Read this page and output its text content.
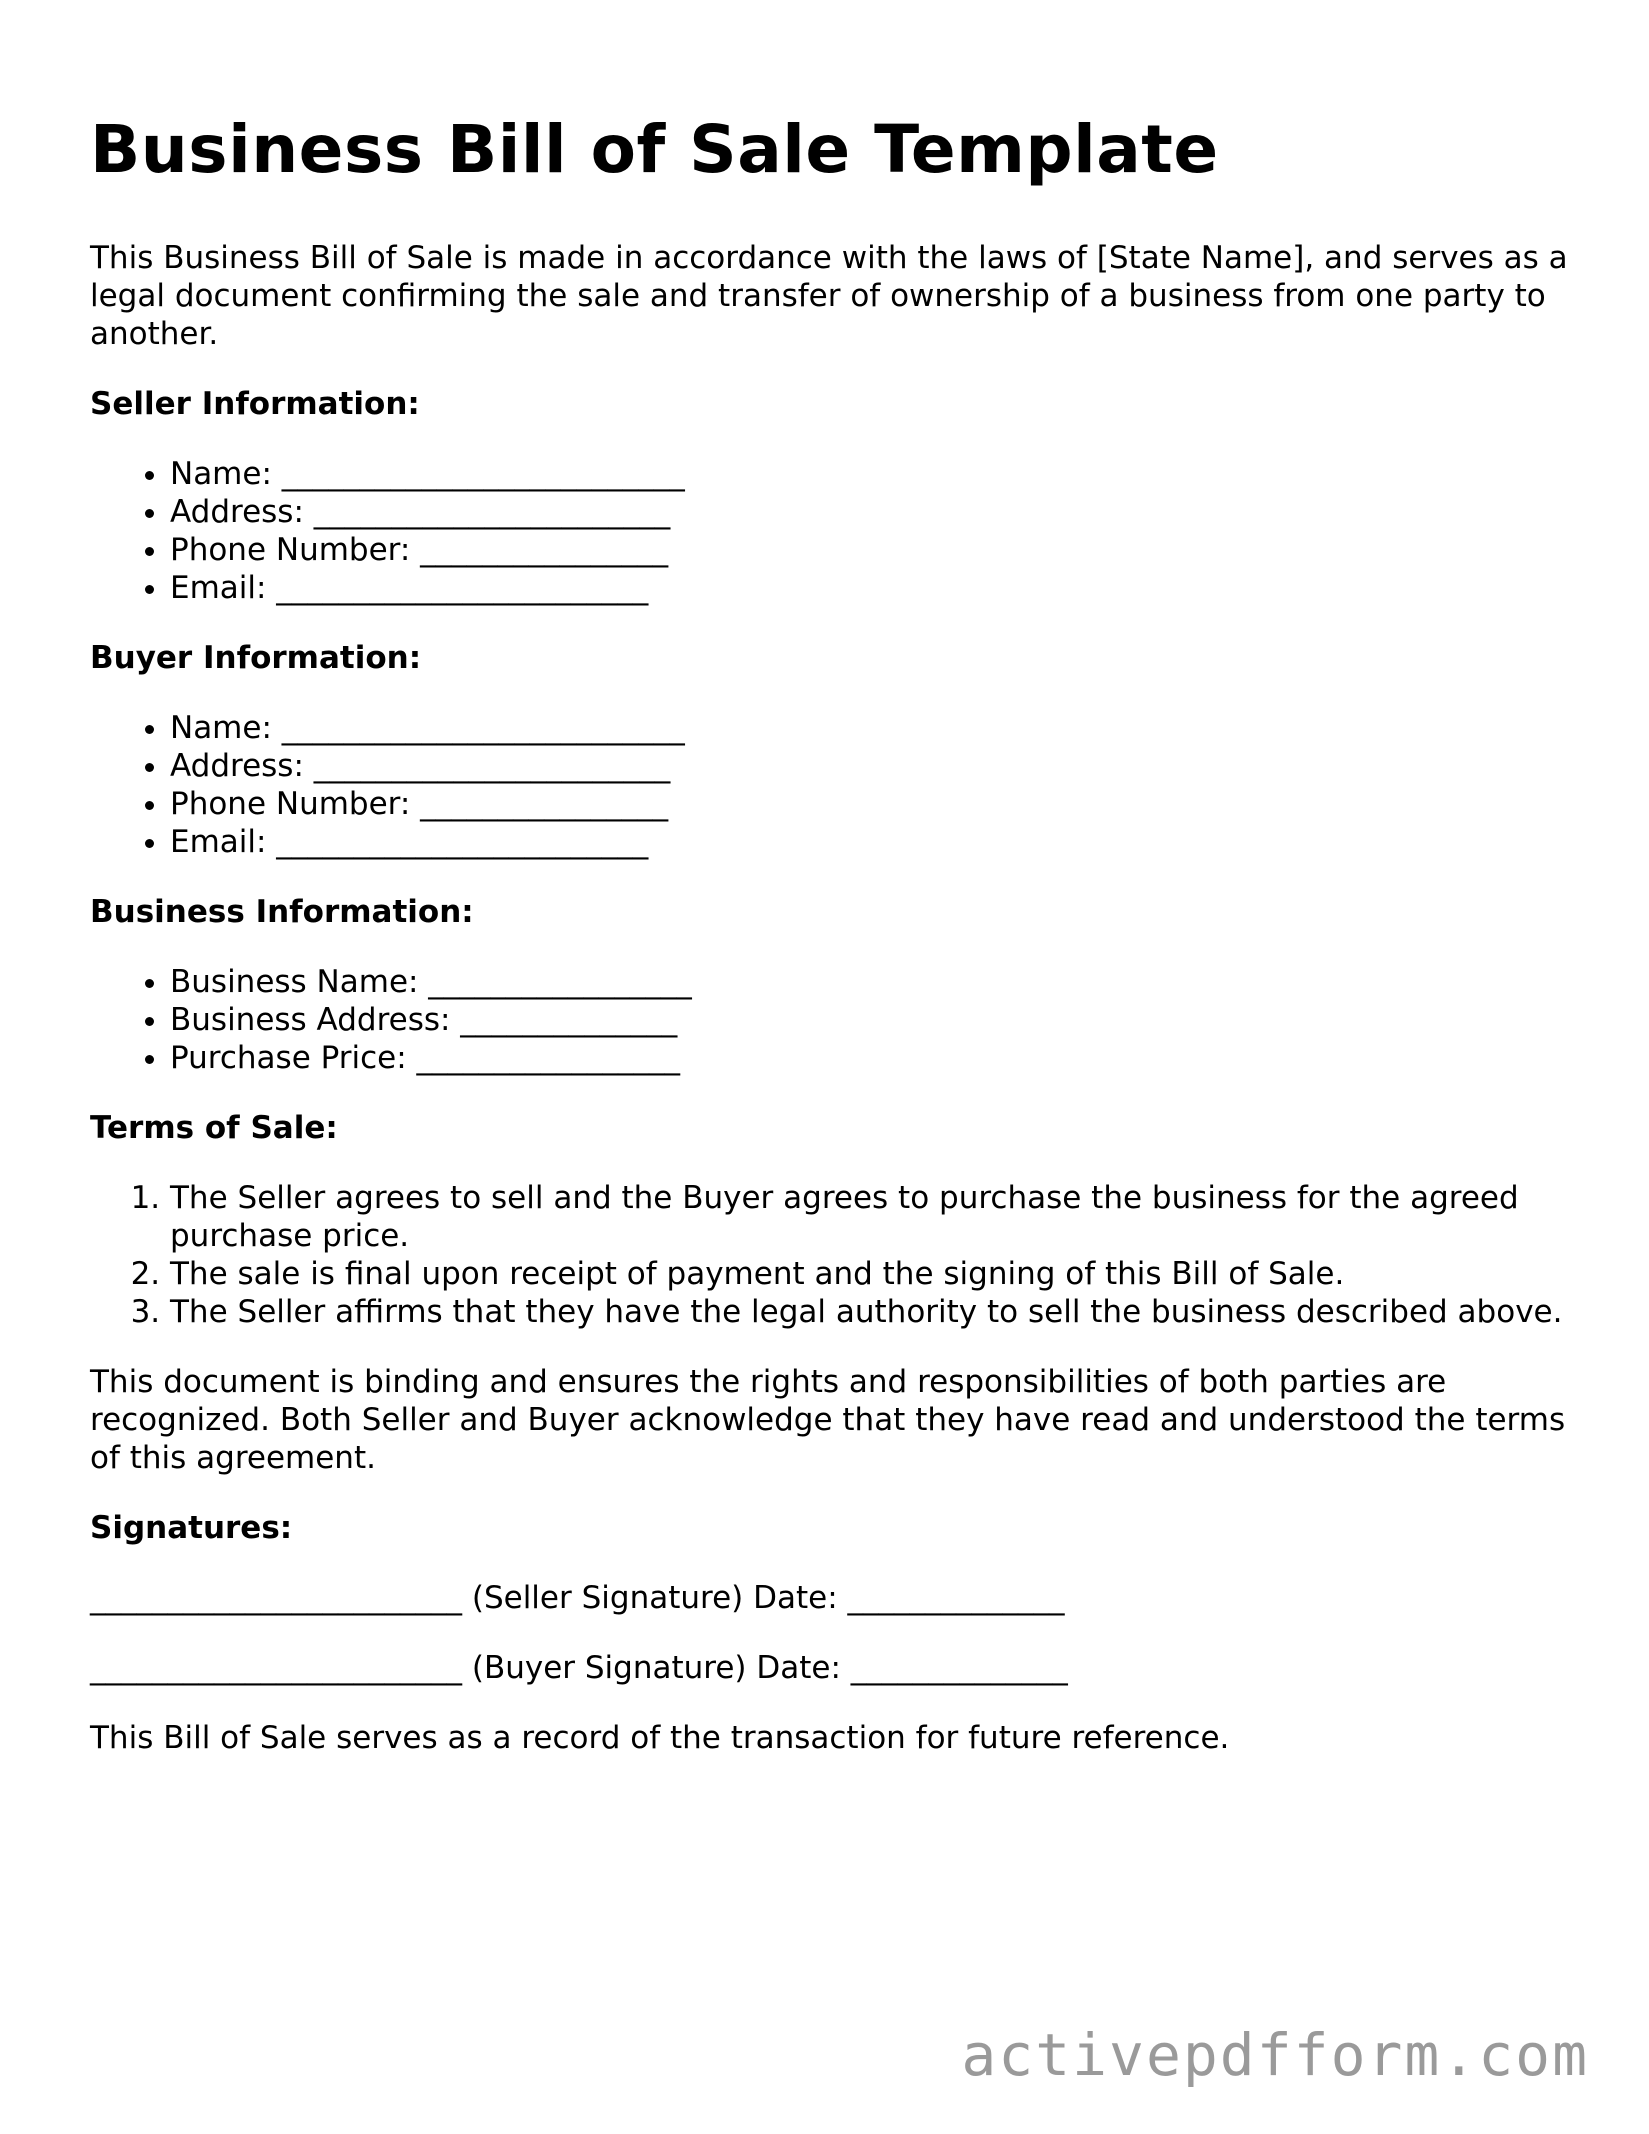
Business Bill of Sale Template

This Business Bill of Sale is made in accordance with the laws of [State Name], and serves as a legal document confirming the sale and transfer of ownership of a business from one party to another.

Seller Information:
• Name: __________________________
• Address: _______________________
• Phone Number: ________________
• Email: ________________________
Buyer Information:
• Name: __________________________
• Address: _______________________
• Phone Number: ________________
• Email: ________________________
Business Information:
• Business Name: _________________
• Business Address: ______________
• Purchase Price: _________________
Terms of Sale:
1. The Seller agrees to sell and the Buyer agrees to purchase the business for the agreed purchase price.
2. The sale is final upon receipt of payment and the signing of this Bill of Sale.
3. The Seller affirms that they have the legal authority to sell the business described above.

This document is binding and ensures the rights and responsibilities of both parties are recognized. Both Seller and Buyer acknowledge that they have read and understood the terms of this agreement.

Signatures:
________________________ (Seller Signature) Date: ______________
________________________ (Buyer Signature) Date: ______________

This Bill of Sale serves as a record of the transaction for future reference.

activepdfform.com
